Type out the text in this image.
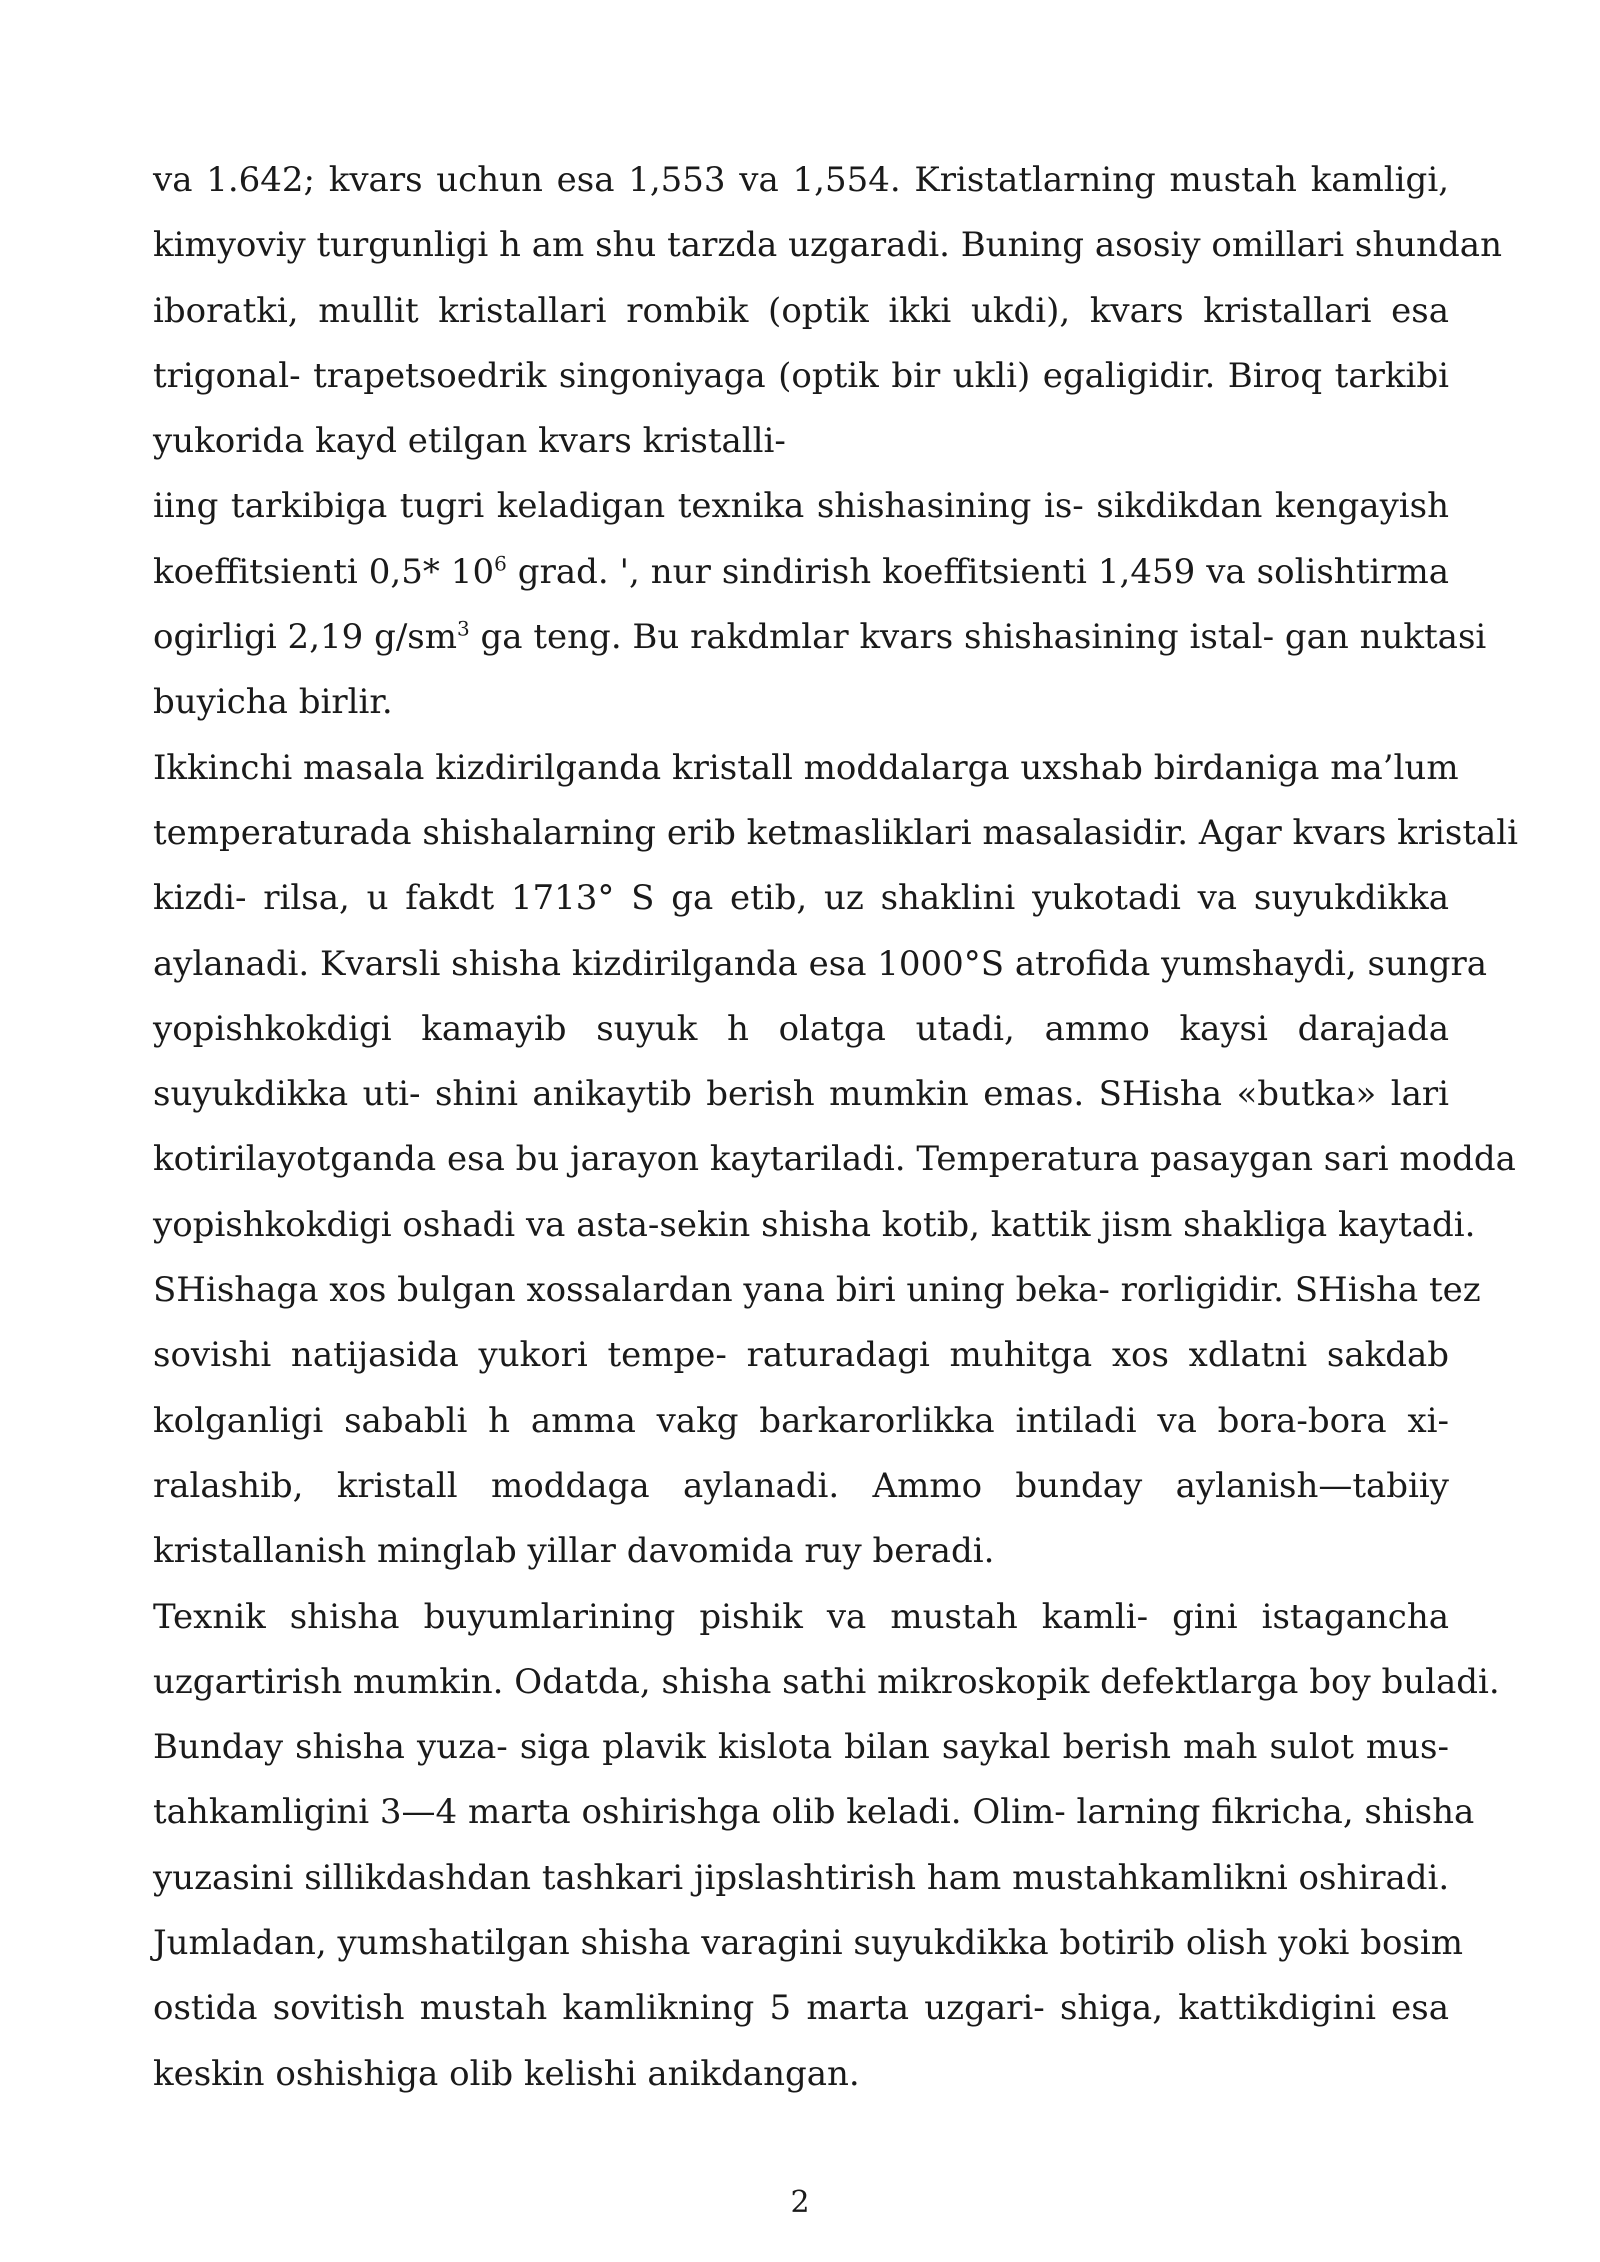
va 1.642; kvars uchun esa 1,553 va 1,554. Kristatlarning mustah kamligi,
kimyoviy turgunligi h am shu tarzda uzgaradi. Buning asosiy omillari shundan
iboratki, mullit kristallari rombik (optik ikki ukdi), kvars kristallari esa
trigonal- trapetsoedrik singoniyaga (optik bir ukli) egaligidir. Biroq tarkibi
yukorida kayd etilgan kvars kristalli-
iing tarkibiga tugri keladigan texnika shishasining is- sikdikdan kengayish
koeffitsienti 0,5* $10^6$ grad. ', nur sindirish koeffitsienti 1,459 va solishtirma
ogirligi 2,19 $g/sm^3$ ga teng. Bu rakdmlar kvars shishasining istal- gan nuktasi
buyicha birlir.
Ikkinchi masala kizdirilganda kristall moddalarga uxshab birdaniga ma’lum
temperaturada shishalarning erib ketmasliklari masalasidir. Agar kvars kristali
kizdi- rilsa, u fakdt 1713° S ga etib, uz shaklini yukotadi va suyukdikka
aylanadi. Kvarsli shisha kizdirilganda esa 1000°S atrofida yumshaydi, sungra
yopishkokdigi kamayib suyuk h olatga utadi, ammo kaysi darajada
suyukdikka uti- shini anikaytib berish mumkin emas. SHisha «butka» lari
kotirilayotganda esa bu jarayon kaytariladi. Temperatura pasaygan sari modda
yopishkokdigi oshadi va asta-sekin shisha kotib, kattik jism shakliga kaytadi.
SHishaga xos bulgan xossalardan yana biri uning beka- rorligidir. SHisha tez
sovishi natijasida yukori tempe- raturadagi muhitga xos xdlatni sakdab
kolganligi sababli h amma vakg barkarorlikka intiladi va bora-bora xi-
ralashib, kristall moddaga aylanadi. Ammo bunday aylanish—tabiiy
kristallanish minglab yillar davomida ruy beradi.
Texnik shisha buyumlarining pishik va mustah kamli- gini istagancha
uzgartirish mumkin. Odatda, shisha sathi mikroskopik defektlarga boy buladi.
Bunday shisha yuza- siga plavik kislota bilan saykal berish mah sulot mus-
tahkamligini 3—4 marta oshirishga olib keladi. Olim- larning fikricha, shisha
yuzasini sillikdashdan tashkari jipslashtirish ham mustahkamlikni oshiradi.
Jumladan, yumshatilgan shisha varagini suyukdikka botirib olish yoki bosim
ostida sovitish mustah kamlikning 5 marta uzgari- shiga, kattikdigini esa
keskin oshishiga olib kelishi anikdangan.
2
